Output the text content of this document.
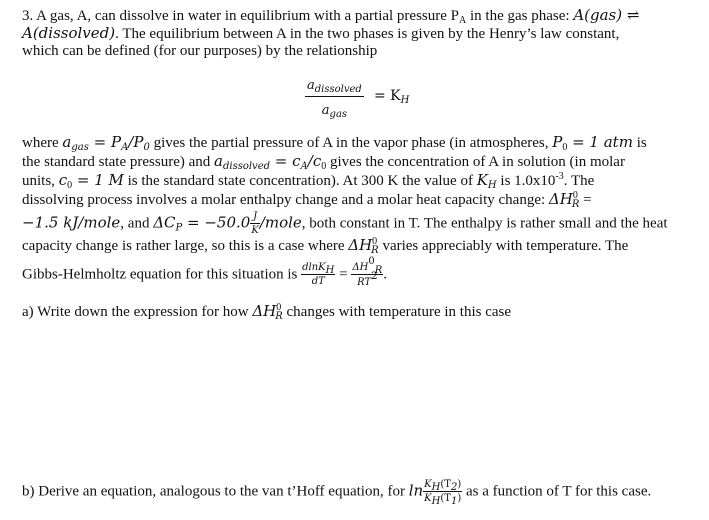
3. A gas, A, can dissolve in water in equilibrium with a partial pressure $P_A$ in the gas phase: A(gas) ⇌
A(dissolved). The equilibrium between A in the two phases is given by the Henry’s law constant,
which can be defined (for our purposes) by the relationship
$a_{dissolved}$
$a_{gas}$
= $K_H$
where $a_{gas} = P_A/P_0$ gives the partial pressure of A in the vapor phase (in atmospheres, $P_0 = 1$ atm is
the standard state pressure) and $a_{dissolved} = c_A/c_0$ gives the concentration of A in solution (in molar
units, $c_0 = 1$ M is the standard state concentration). At 300 K the value of $K_H$ is $1.0x10^{-3}$. The
dissolving process involves a molar enthalpy change and a molar heat capacity change: $\Delta H^0_R$ =
−1.5 kJ/mole, and $\Delta C_P = -50.0 \frac{J}{K}$ /mole, both constant in T. The enthalpy is rather small and the heat
capacity change is rather large, so this is a case where $\Delta H^0_R$ varies appreciably with temperature. The
Gibbs-Helmholtz equation for this situation is $\frac{dlnK_H}{dT} = \frac{\Delta H^0_R}{RT^2}$ .
a) Write down the expression for how $\Delta H^0_R$ changes with temperature in this case
b) Derive an equation, analogous to the van t’Hoff equation, for $\ln \frac{K_H(T_2)}{K_H(T_1)}$ as a function of T for this case.
